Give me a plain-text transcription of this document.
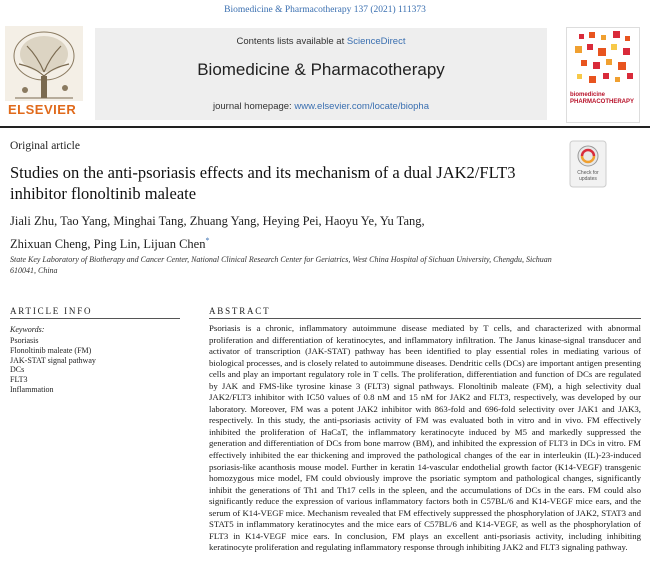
Biomedicine & Pharmacotherapy 137 (2021) 111373
ELSEVIER
Contents lists available at ScienceDirect
Biomedicine & Pharmacotherapy
journal homepage: www.elsevier.com/locate/biopha
biomedicine PHARMACOTHERAPY
Original article
Studies on the anti-psoriasis effects and its mechanism of a dual JAK2/FLT3 inhibitor flonoltinib maleate
Check for updates
Jiali Zhu, Tao Yang, Minghai Tang, Zhuang Yang, Heying Pei, Haoyu Ye, Yu Tang,
Zhixuan Cheng, Ping Lin, Lijuan Chen*
State Key Laboratory of Biotherapy and Cancer Center, National Clinical Research Center for Geriatrics, West China Hospital of Sichuan University, Chengdu, Sichuan 610041, China
ARTICLE INFO
Keywords:
Psoriasis
Flonoltinib maleate (FM)
JAK-STAT signal pathway
DCs
FLT3
Inflammation
ABSTRACT
Psoriasis is a chronic, inflammatory autoimmune disease mediated by T cells, and characterized with abnormal proliferation and differentiation of keratinocytes, and inflammatory infiltration. The Janus kinase-signal transducer and activator of transcription (JAK-STAT) pathway has been identified to play essential roles in mediating various of biological processes, and is closely related to autoimmune diseases. Dendritic cells (DCs) are important antigen presenting cells and play an important regulatory role in T cells. The proliferation, differentiation and function of DCs are regulated by JAK and FMS-like tyrosine kinase 3 (FLT3) signal pathways. Flonoltinib maleate (FM), a high selectivity dual JAK2/FLT3 inhibitor with IC50 values of 0.8 nM and 15 nM for JAK2 and FLT3, respectively, was developed by our laboratory. Moreover, FM was a potent JAK2 inhibitor with 863-fold and 696-fold selectivity over JAK1 and JAK3, respectively. In this study, the anti-psoriasis activity of FM was evaluated both in vitro and in vivo. FM effectively inhibited the proliferation of HaCaT, the inflammatory keratinocyte induced by M5 and markedly suppressed the generation and differentiation of DCs from bone marrow (BM), and inhibited the expression of FLT3 in DCs in vitro. FM effectively inhibited the ear thickening and improved the pathological changes of the ear in interleukin (IL)-23-induced psoriasis-like acanthosis mouse model. Further in keratin 14-vascular endothelial growth factor (K14-VEGF) transgenic homozygous mice model, FM could obviously improve the psoriatic symptom and pathological changes, significantly inhibit the generations of Th1 and Th17 cells in the spleen, and the accumulations of DCs in the ears. FM could also significantly reduce the expression of various inflammatory factors both in C57BL/6 and K14-VEGF mice ears, and the serum of K14-VEGF mice. Mechanism revealed that FM effectively suppressed the phosphorylation of JAK2, STAT3 and STAT5 in inflammatory keratinocytes and the mice ears of C57BL/6 and K14-VEGF, as well as the phosphorylation of FLT3 in K14-VEGF mice ears. In conclusion, FM plays an excellent anti-psoriasis activity, including inhibiting keratinocyte proliferation and regulating inflammatory response through inhibiting JAK2 and FLT3 signaling pathway.
